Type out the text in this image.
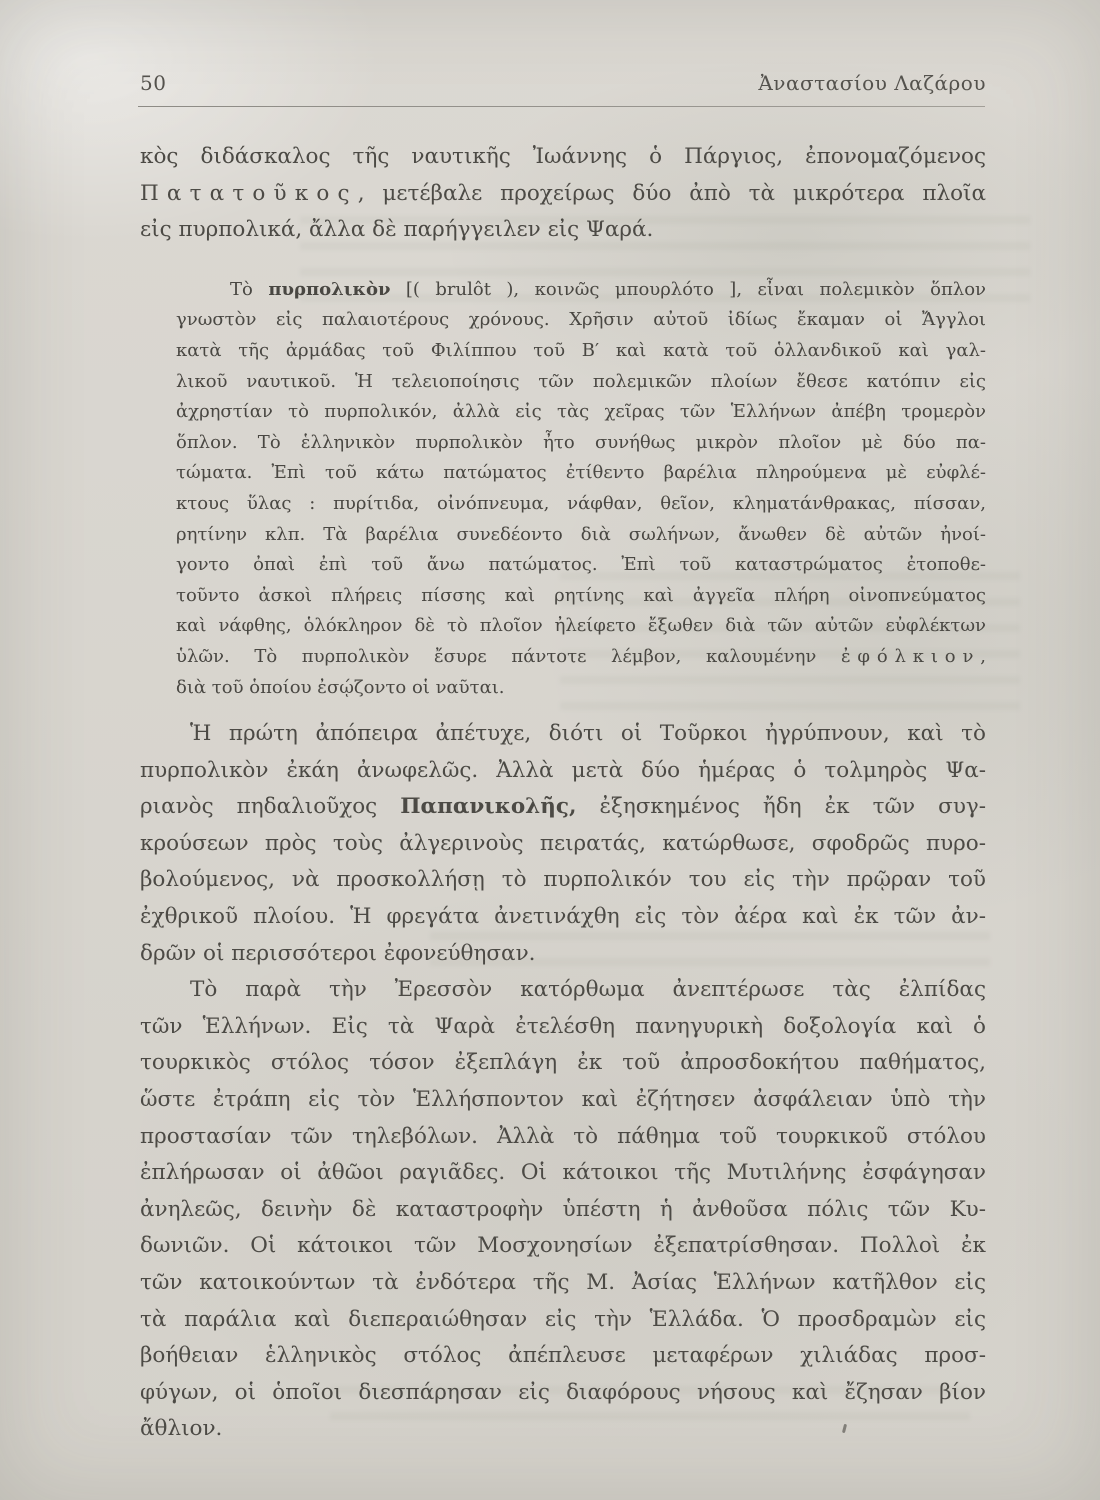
50	Ἀναστασίου Λαζάρου
κὸς διδάσκαλος τῆς ναυτικῆς Ἰωάννης ὁ Πάργιος, ἐπονομαζόμενος
Πατατοῦκος, μετέβαλε προχείρως δύο ἀπὸ τὰ μικρότερα πλοῖα
εἰς πυρπολικά, ἄλλα δὲ παρήγγειλεν εἰς Ψαρά.
Τὸ πυρπολικὸν [( brulôt ), κοινῶς μπουρλότο ], εἶναι πολεμικὸν ὅπλον
γνωστὸν εἰς παλαιοτέρους χρόνους. Χρῆσιν αὐτοῦ ἰδίως ἔκαμαν οἱ Ἄγγλοι
κατὰ τῆς ἀρμάδας τοῦ Φιλίππου τοῦ Β′ καὶ κατὰ τοῦ ὁλλανδικοῦ καὶ γαλ-
λικοῦ ναυτικοῦ. Ἡ τελειοποίησις τῶν πολεμικῶν πλοίων ἔθεσε κατόπιν εἰς
ἀχρηστίαν τὸ πυρπολικόν, ἀλλὰ εἰς τὰς χεῖρας τῶν Ἑλλήνων ἀπέβη τρομερὸν
ὅπλον. Τὸ ἑλληνικὸν πυρπολικὸν ἦτο συνήθως μικρὸν πλοῖον μὲ δύο πα-
τώματα. Ἐπὶ τοῦ κάτω πατώματος ἐτίθεντο βαρέλια πληρούμενα μὲ εὐφλέ-
κτους ὕλας : πυρίτιδα, οἰνόπνευμα, νάφθαν, θεῖον, κληματάνθρακας, πίσσαν,
ρητίνην κλπ. Τὰ βαρέλια συνεδέοντο διὰ σωλήνων, ἄνωθεν δὲ αὐτῶν ἠνοί-
γοντο ὀπαὶ ἐπὶ τοῦ ἄνω πατώματος. Ἐπὶ τοῦ καταστρώματος ἐτοποθε-
τοῦντο ἀσκοὶ πλήρεις πίσσης καὶ ρητίνης καὶ ἀγγεῖα πλήρη οἰνοπνεύματος
καὶ νάφθης, ὁλόκληρον δὲ τὸ πλοῖον ἠλείφετο ἔξωθεν διὰ τῶν αὐτῶν εὐφλέκτων
ὑλῶν. Τὸ πυρπολικὸν ἔσυρε πάντοτε λέμβον, καλουμένην ἐφόλκιον,
διὰ τοῦ ὁποίου ἐσῴζοντο οἱ ναῦται.
Ἡ πρώτη ἀπόπειρα ἀπέτυχε, διότι οἱ Τοῦρκοι ἠγρύπνουν, καὶ τὸ
πυρπολικὸν ἐκάη ἀνωφελῶς. Ἀλλὰ μετὰ δύο ἡμέρας ὁ τολμηρὸς Ψα-
ριανὸς πηδαλιοῦχος Παπανικολῆς, ἐξησκημένος ἤδη ἐκ τῶν συγ-
κρούσεων πρὸς τοὺς ἀλγερινοὺς πειρατάς, κατώρθωσε, σφοδρῶς πυρο-
βολούμενος, νὰ προσκολλήσῃ τὸ πυρπολικόν του εἰς τὴν πρῷραν τοῦ
ἐχθρικοῦ πλοίου. Ἡ φρεγάτα ἀνετινάχθη εἰς τὸν ἀέρα καὶ ἐκ τῶν ἀν-
δρῶν οἱ περισσότεροι ἐφονεύθησαν.
Τὸ παρὰ τὴν Ἐρεσσὸν κατόρθωμα ἀνεπτέρωσε τὰς ἐλπίδας
τῶν Ἑλλήνων. Εἰς τὰ Ψαρὰ ἐτελέσθη πανηγυρικὴ δοξολογία καὶ ὁ
τουρκικὸς στόλος τόσον ἐξεπλάγη ἐκ τοῦ ἀπροσδοκήτου παθήματος,
ὥστε ἐτράπη εἰς τὸν Ἑλλήσποντον καὶ ἐζήτησεν ἀσφάλειαν ὑπὸ τὴν
προστασίαν τῶν τηλεβόλων. Ἀλλὰ τὸ πάθημα τοῦ τουρκικοῦ στόλου
ἐπλήρωσαν οἱ ἀθῶοι ραγιᾶδες. Οἱ κάτοικοι τῆς Μυτιλήνης ἐσφάγησαν
ἀνηλεῶς, δεινὴν δὲ καταστροφὴν ὑπέστη ἡ ἀνθοῦσα πόλις τῶν Κυ-
δωνιῶν. Οἱ κάτοικοι τῶν Μοσχονησίων ἐξεπατρίσθησαν. Πολλοὶ ἐκ
τῶν κατοικούντων τὰ ἐνδότερα τῆς Μ. Ἀσίας Ἑλλήνων κατῆλθον εἰς
τὰ παράλια καὶ διεπεραιώθησαν εἰς τὴν Ἑλλάδα. Ὁ προσδραμὼν εἰς
βοήθειαν ἑλληνικὸς στόλος ἀπέπλευσε μεταφέρων χιλιάδας προσ-
φύγων, οἱ ὁποῖοι διεσπάρησαν εἰς διαφόρους νήσους καὶ ἔζησαν βίον
ἄθλιον.
